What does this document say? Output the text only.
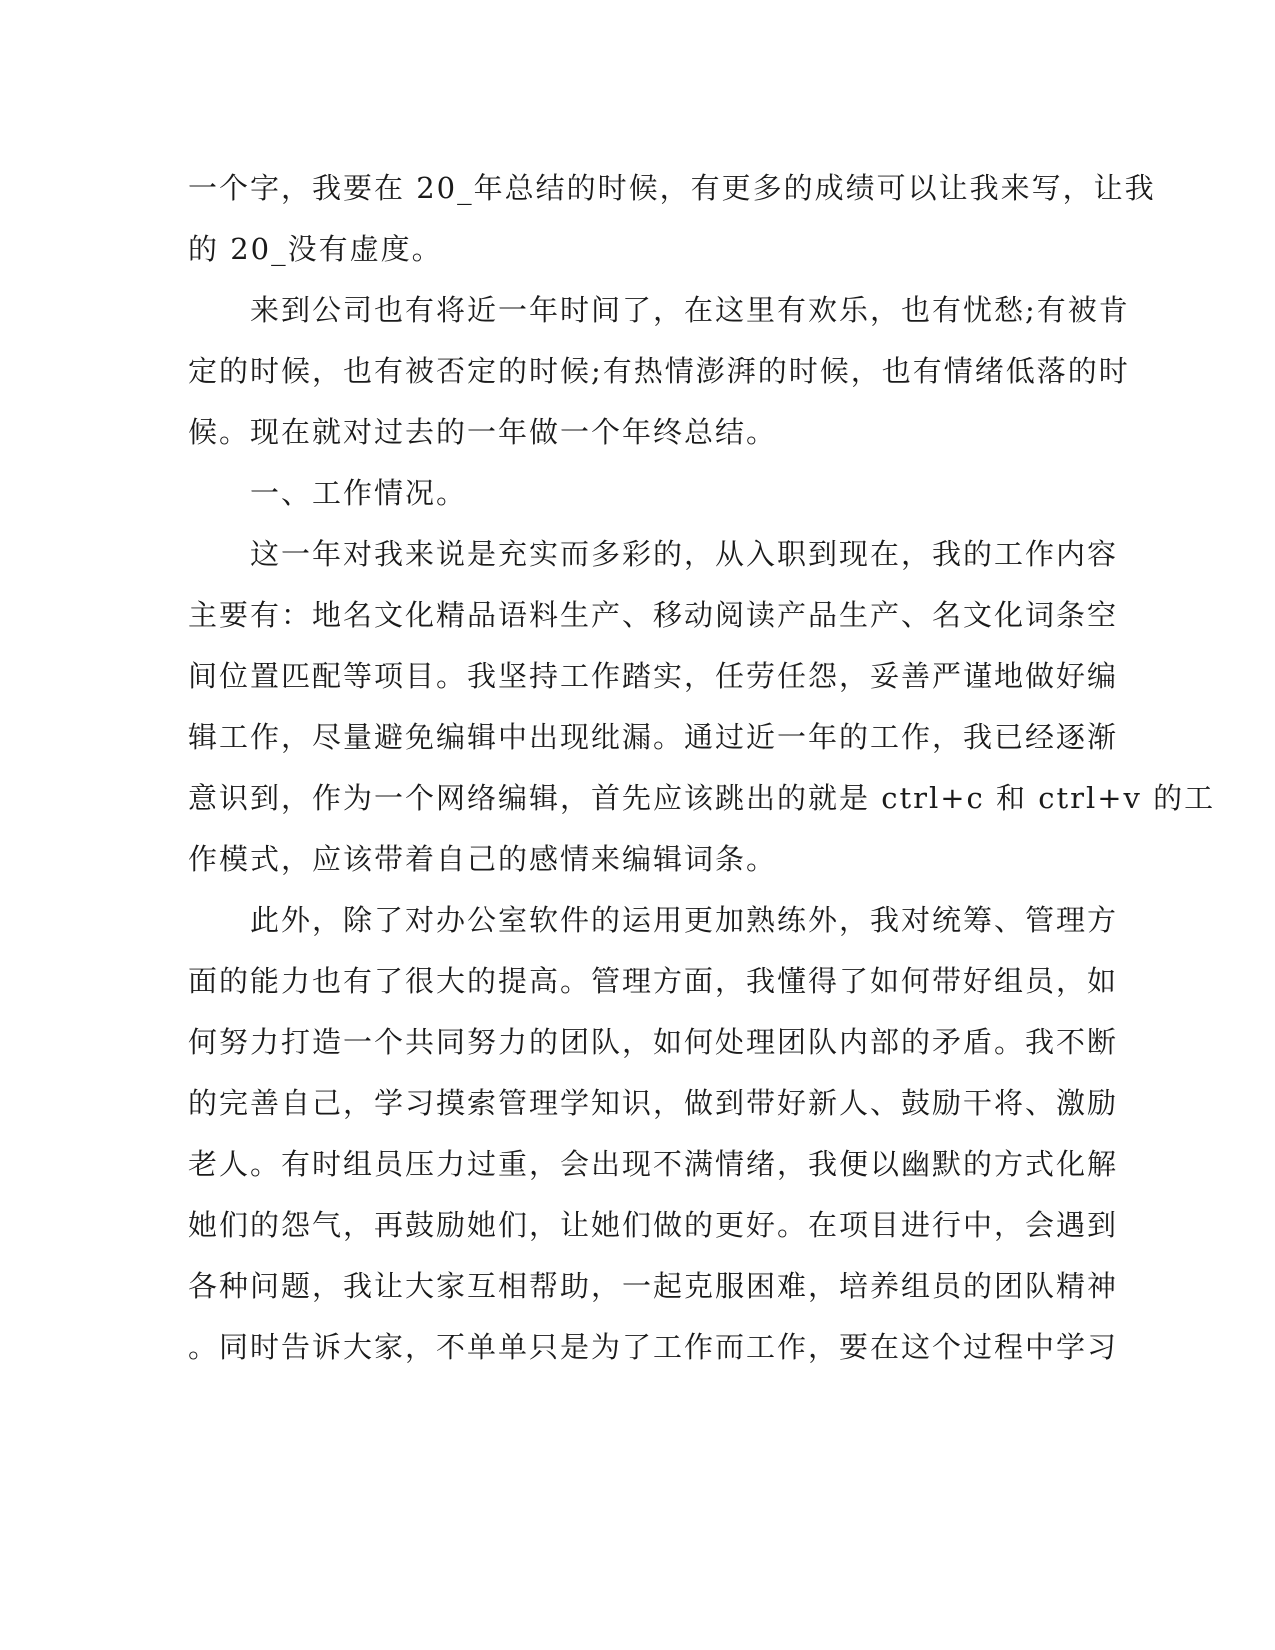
一个字，我要在 20_年总结的时候，有更多的成绩可以让我来写，让我
的 20_没有虚度。
　　来到公司也有将近一年时间了，在这里有欢乐，也有忧愁;有被肯
定的时候，也有被否定的时候;有热情澎湃的时候，也有情绪低落的时
候。现在就对过去的一年做一个年终总结。
　　一、工作情况。
　　这一年对我来说是充实而多彩的，从入职到现在，我的工作内容
主要有：地名文化精品语料生产、移动阅读产品生产、名文化词条空
间位置匹配等项目。我坚持工作踏实，任劳任怨，妥善严谨地做好编
辑工作，尽量避免编辑中出现纰漏。通过近一年的工作，我已经逐渐
意识到，作为一个网络编辑，首先应该跳出的就是 ctrl+c 和 ctrl+v 的工
作模式，应该带着自己的感情来编辑词条。
　　此外，除了对办公室软件的运用更加熟练外，我对统筹、管理方
面的能力也有了很大的提高。管理方面，我懂得了如何带好组员，如
何努力打造一个共同努力的团队，如何处理团队内部的矛盾。我不断
的完善自己，学习摸索管理学知识，做到带好新人、鼓励干将、激励
老人。有时组员压力过重，会出现不满情绪，我便以幽默的方式化解
她们的怨气，再鼓励她们，让她们做的更好。在项目进行中，会遇到
各种问题，我让大家互相帮助，一起克服困难，培养组员的团队精神
。同时告诉大家，不单单只是为了工作而工作，要在这个过程中学习
